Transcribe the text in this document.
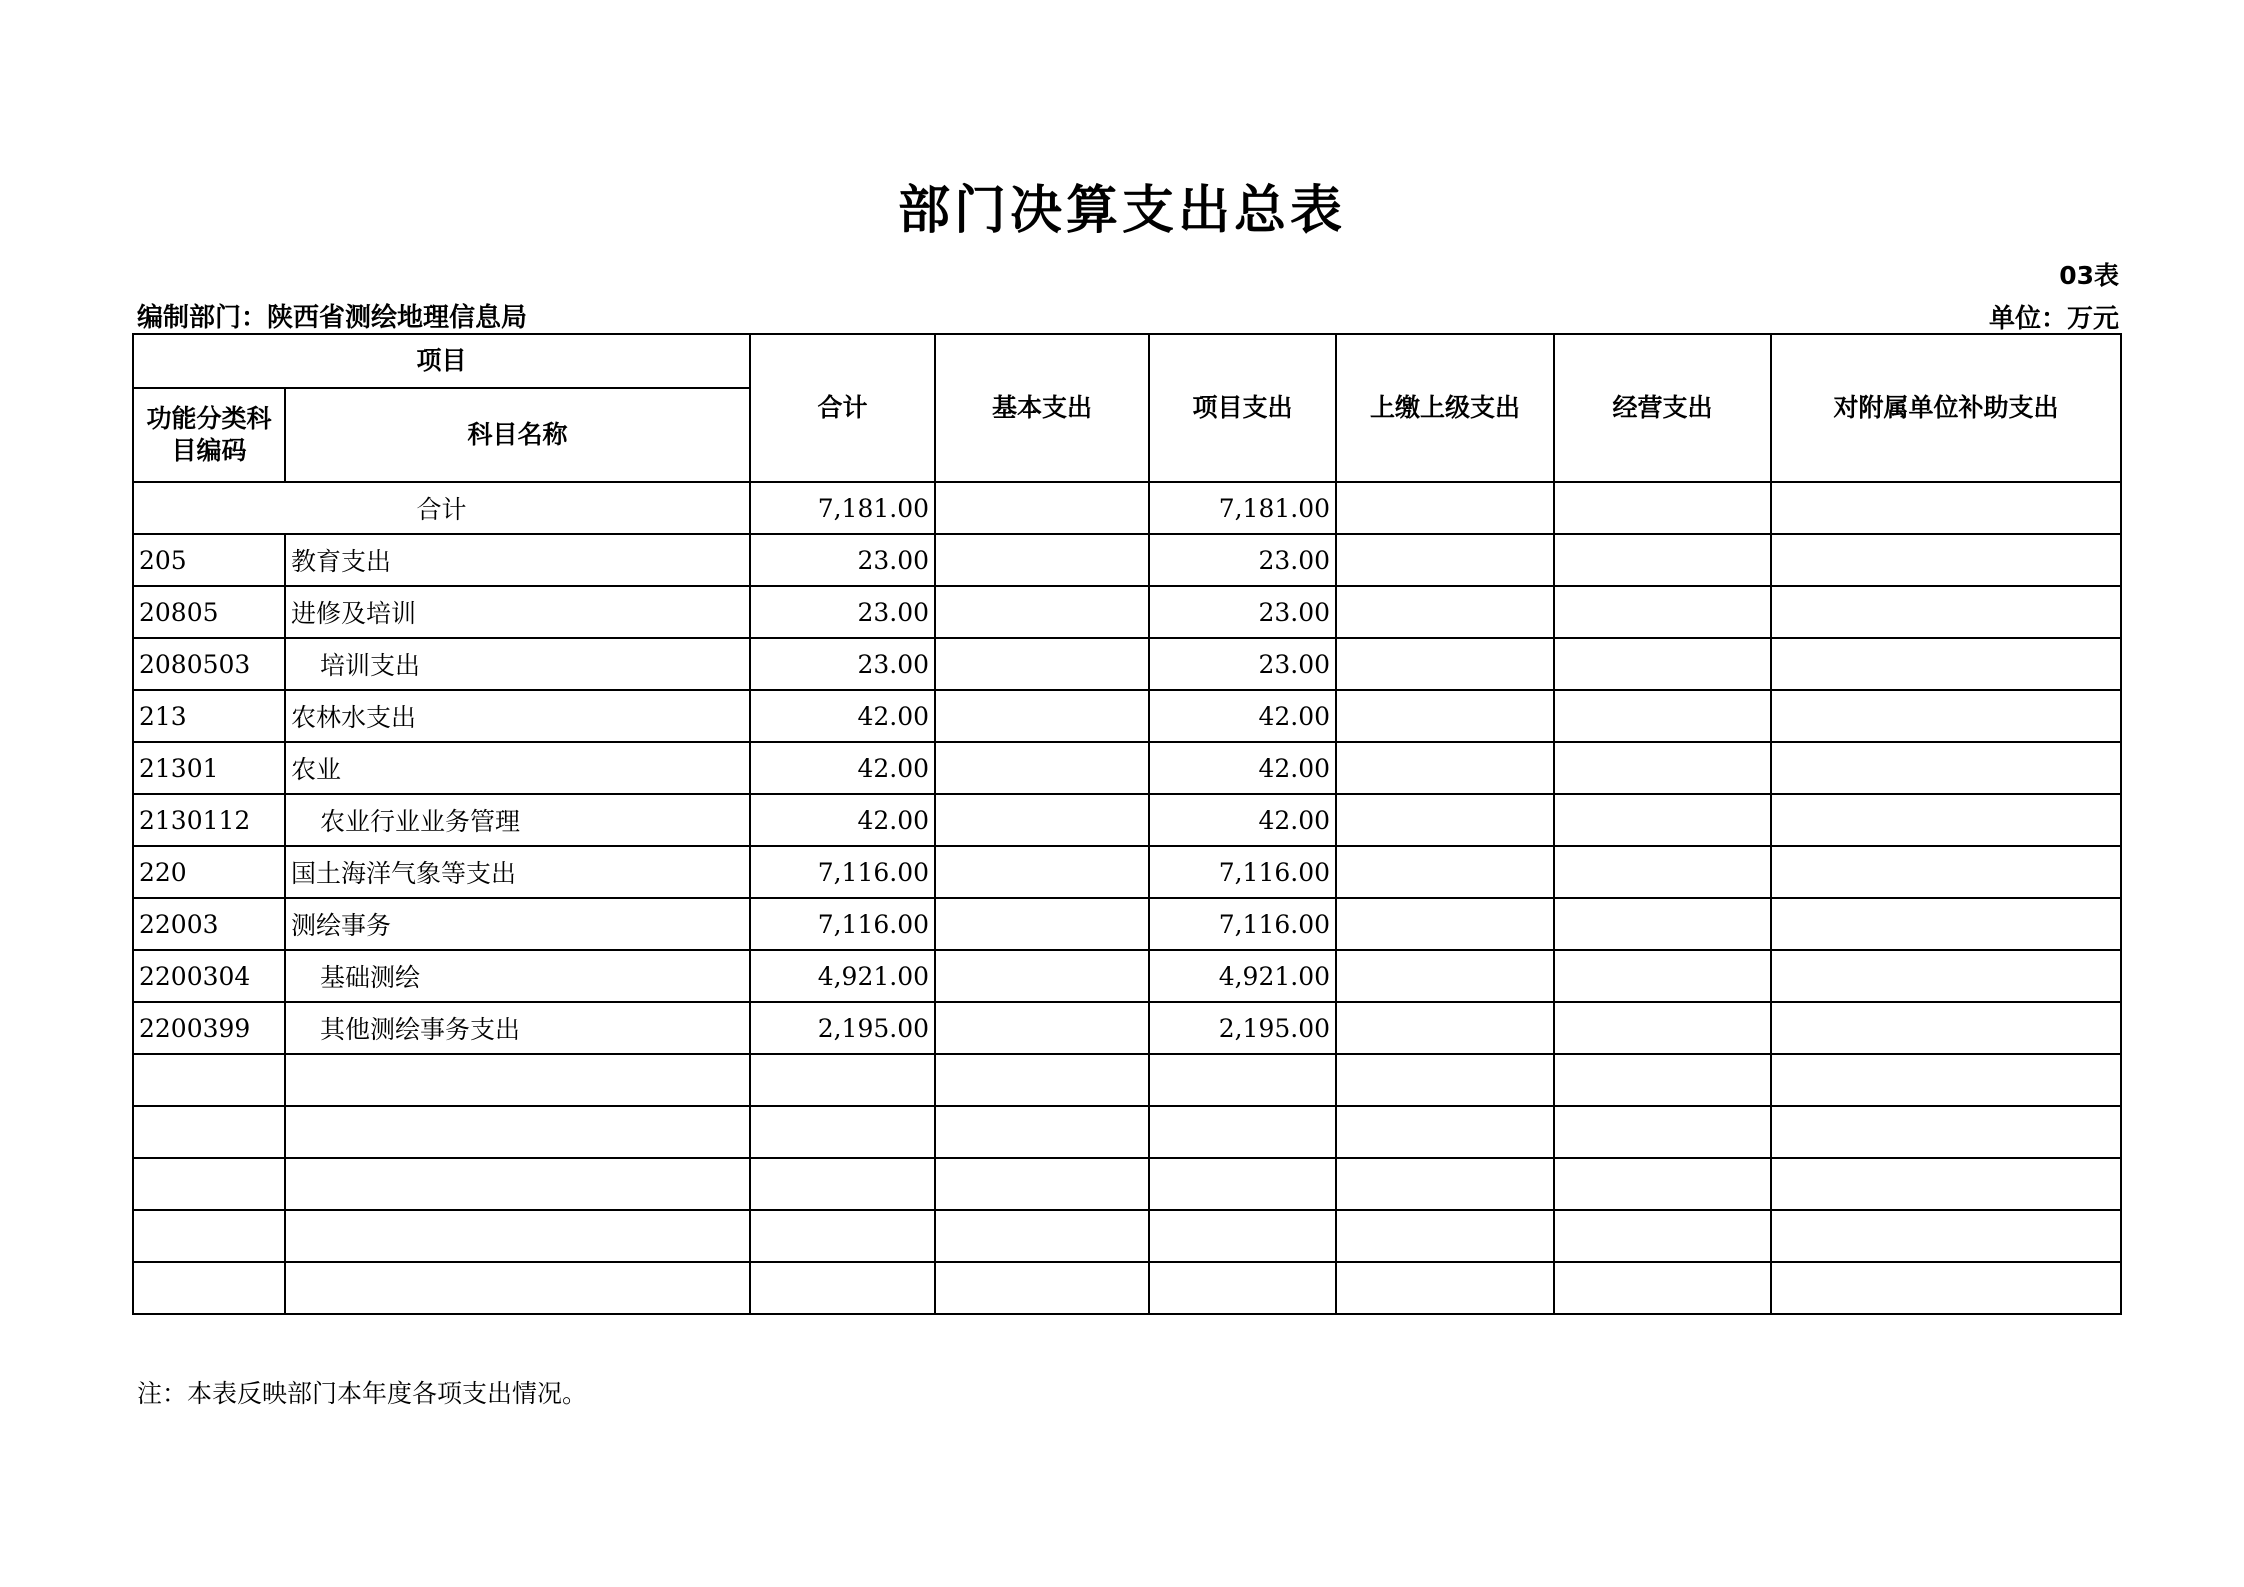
部门决算支出总表
03表
编制部门：陕西省测绘地理信息局	单位：万元
项目		合计	基本支出	项目支出	上缴上级支出	经营支出	对附属单位补助支出
功能分类科目编码	科目名称						
合计		7,181.00		7,181.00			
205	教育支出	23.00		23.00			
20805	进修及培训	23.00		23.00			
2080503	培训支出	23.00		23.00			
213	农林水支出	42.00		42.00			
21301	农业	42.00		42.00			
2130112	农业行业业务管理	42.00		42.00			
220	国土海洋气象等支出	7,116.00		7,116.00			
22003	测绘事务	7,116.00		7,116.00			
2200304	基础测绘	4,921.00		4,921.00			
2200399	其他测绘事务支出	2,195.00		2,195.00			

注：本表反映部门本年度各项支出情况。
